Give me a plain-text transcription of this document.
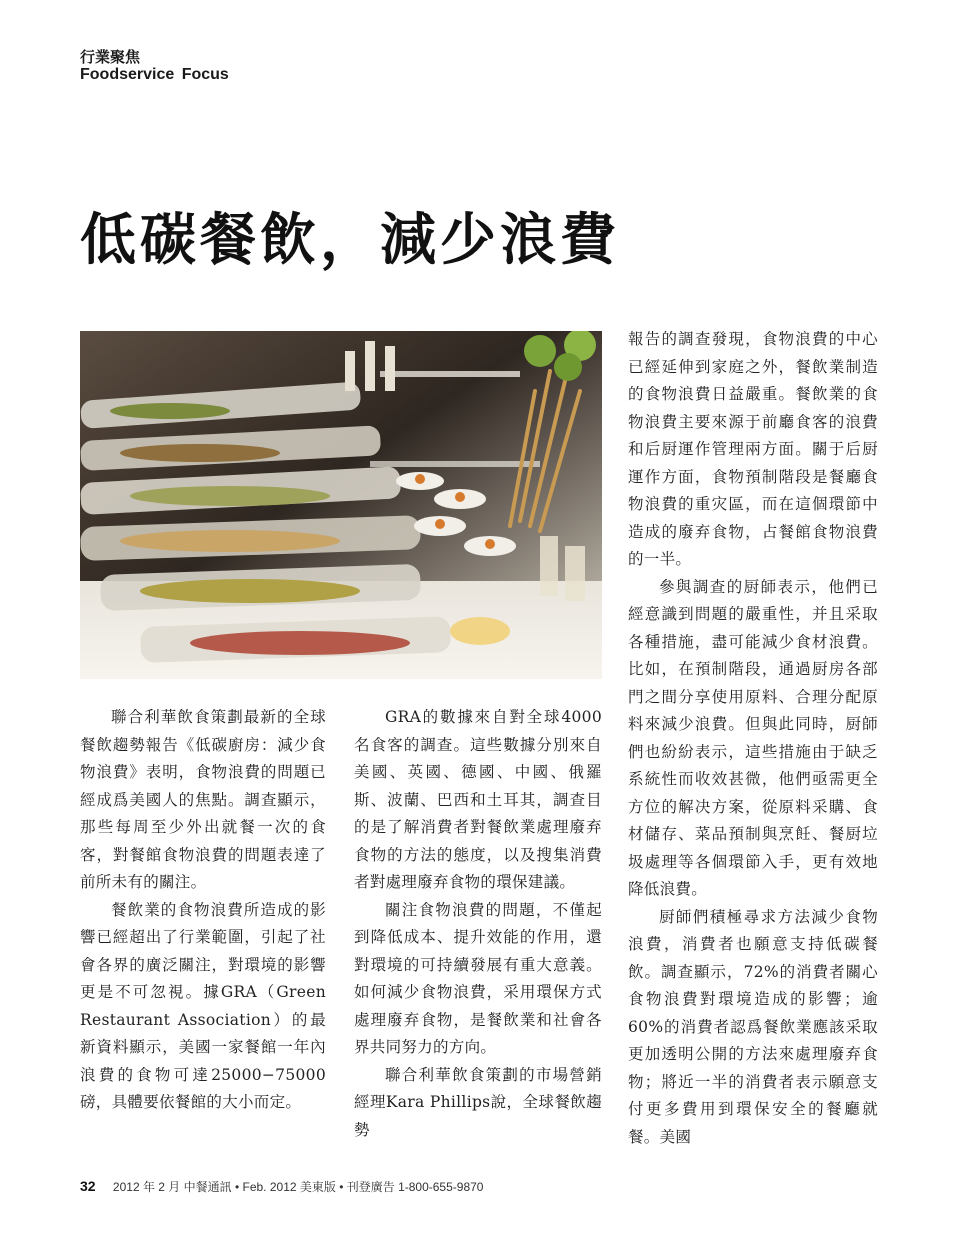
行業聚焦
Foodservice Focus
低碳餐飲，減少浪費

聯合利華飲食策劃最新的全球餐飲趨勢報告《低碳廚房：減少食物浪費》表明，食物浪費的問題已經成爲美國人的焦點。調查顯示，那些每周至少外出就餐一次的食客，對餐館食物浪費的問題表達了前所未有的關注。

餐飲業的食物浪費所造成的影響已經超出了行業範圍，引起了社會各界的廣泛關注，對環境的影響更是不可忽視。據GRA（Green Restaurant Association）的最新資料顯示，美國一家餐館一年內浪費的食物可達25000−75000磅，具體要依餐館的大小而定。

GRA的數據來自對全球4000名食客的調查。這些數據分別來自美國、英國、德國、中國、俄羅斯、波蘭、巴西和土耳其，調查目的是了解消費者對餐飲業處理廢弃食物的方法的態度，以及搜集消費者對處理廢弃食物的環保建議。

關注食物浪費的問題，不僅起到降低成本、提升效能的作用，還對環境的可持續發展有重大意義。如何減少食物浪費，采用環保方式處理廢弃食物，是餐飲業和社會各界共同努力的方向。

聯合利華飲食策劃的市場營銷經理Kara Phillips說，全球餐飲趨勢

報告的調查發現，食物浪費的中心已經延伸到家庭之外，餐飲業制造的食物浪費日益嚴重。餐飲業的食物浪費主要來源于前廳食客的浪費和后厨運作管理兩方面。關于后厨運作方面，食物預制階段是餐廳食物浪費的重灾區，而在這個環節中造成的廢弃食物，占餐館食物浪費的一半。

參與調查的厨師表示，他們已經意識到問題的嚴重性，并且采取各種措施，盡可能減少食材浪費。比如，在預制階段，通過厨房各部門之間分享使用原料、合理分配原料來減少浪費。但與此同時，厨師們也紛紛表示，這些措施由于缺乏系統性而收效甚微，他們亟需更全方位的解决方案，從原料采購、食材儲存、菜品預制與烹飪、餐厨垃圾處理等各個環節入手，更有效地降低浪費。

厨師們積極尋求方法減少食物浪費，消費者也願意支持低碳餐飲。調查顯示，72%的消費者關心食物浪費對環境造成的影響；逾60%的消費者認爲餐飲業應該采取更加透明公開的方法來處理廢弃食物；將近一半的消費者表示願意支付更多費用到環保安全的餐廳就餐。美國

32 2012 年 2 月 中餐通訊 • Feb. 2012 美東版 • 刊登廣告 1-800-655-9870
